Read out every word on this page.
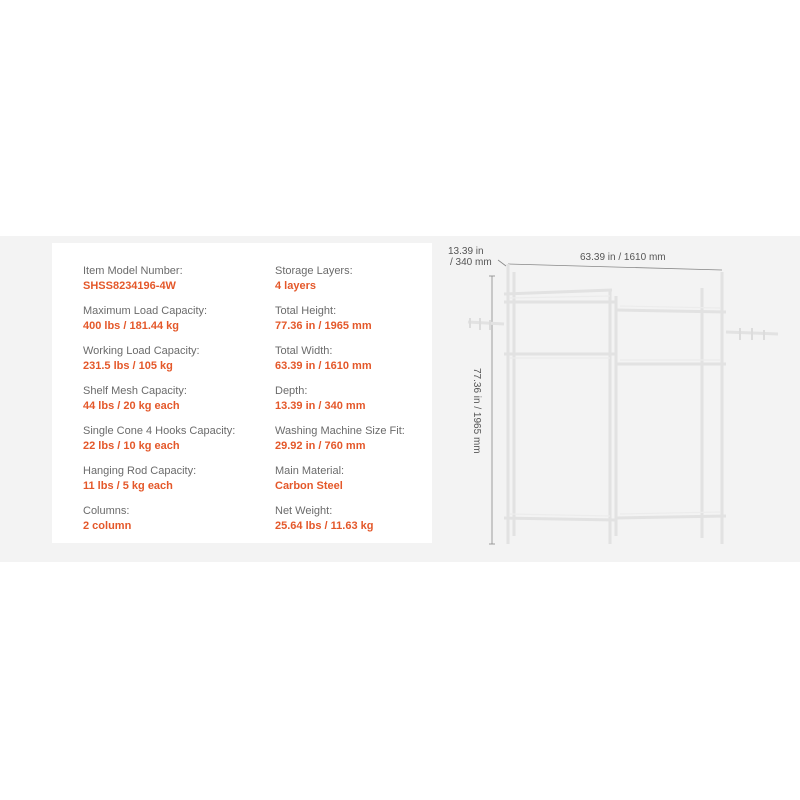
Item Model Number:
SHSS8234196-4W
Maximum Load Capacity:
400 lbs / 181.44 kg
Working Load Capacity:
231.5 lbs / 105 kg
Shelf Mesh Capacity:
44 lbs / 20 kg each
Single Cone 4 Hooks Capacity:
22 lbs / 10 kg each
Hanging Rod Capacity:
11 lbs / 5 kg each
Columns:
2 column
Storage Layers:
4 layers
Total Height:
77.36 in / 1965 mm
Total Width:
63.39 in / 1610 mm
Depth:
13.39 in / 340 mm
Washing Machine Size Fit:
29.92 in / 760 mm
Main Material:
Carbon Steel
Net Weight:
25.64 lbs / 11.63 kg
13.39 in
/ 340 mm	63.39 in / 1610 mm
77.36 in / 1965 mm
